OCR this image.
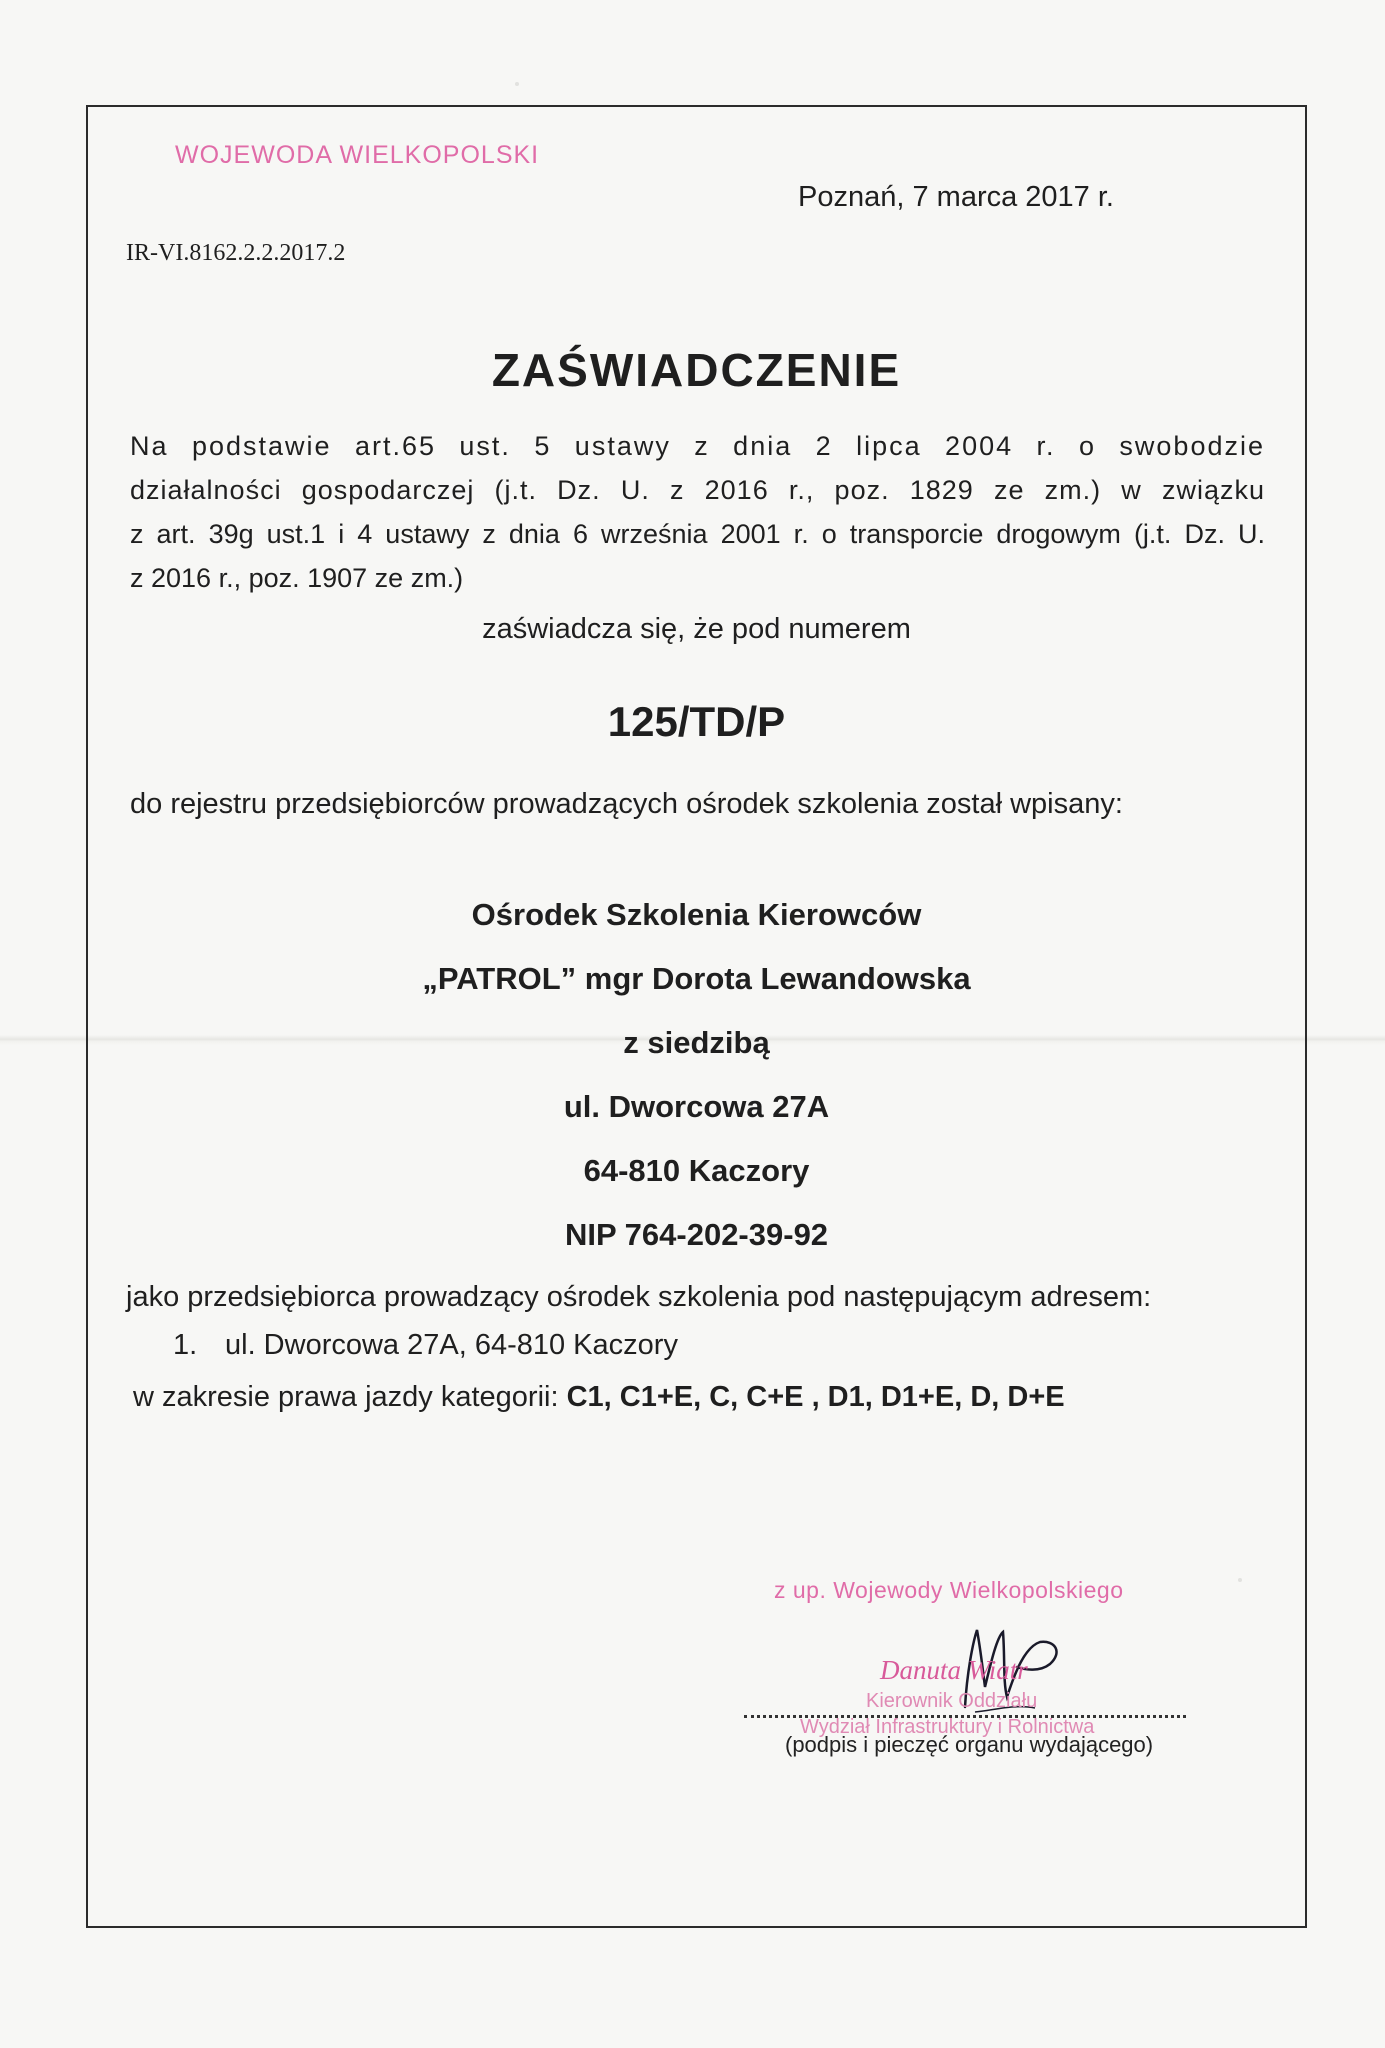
WOJEWODA WIELKOPOLSKI

Poznań, 7 marca 2017 r.

IR-VI.8162.2.2.2017.2

ZAŚWIADCZENIE
Na podstawie art.65 ust. 5 ustawy z dnia 2 lipca 2004 r. o swobodzie
działalności gospodarczej (j.t. Dz. U. z 2016 r., poz. 1829 ze zm.) w związku
z art. 39g ust.1 i 4 ustawy z dnia 6 września 2001 r. o transporcie drogowym (j.t. Dz. U.
z 2016 r., poz. 1907 ze zm.)

zaświadcza się, że pod numerem

125/TD/P

do rejestru przedsiębiorców prowadzących ośrodek szkolenia został wpisany:

Ośrodek Szkolenia Kierowców
„PATROL” mgr Dorota Lewandowska
z siedzibą
ul. Dworcowa 27A
64-810 Kaczory
NIP 764-202-39-92

jako przedsiębiorca prowadzący ośrodek szkolenia pod następującym adresem:

1. ul. Dworcowa 27A, 64-810 Kaczory

w zakresie prawa jazdy kategorii: C1, C1+E, C, C+E , D1, D1+E, D, D+E

z up. Wojewody Wielkopolskiego

Danuta Wiatr

Kierownik Oddziału

Wydział Infrastruktury i Rolnictwa

(podpis i pieczęć organu wydającego)
